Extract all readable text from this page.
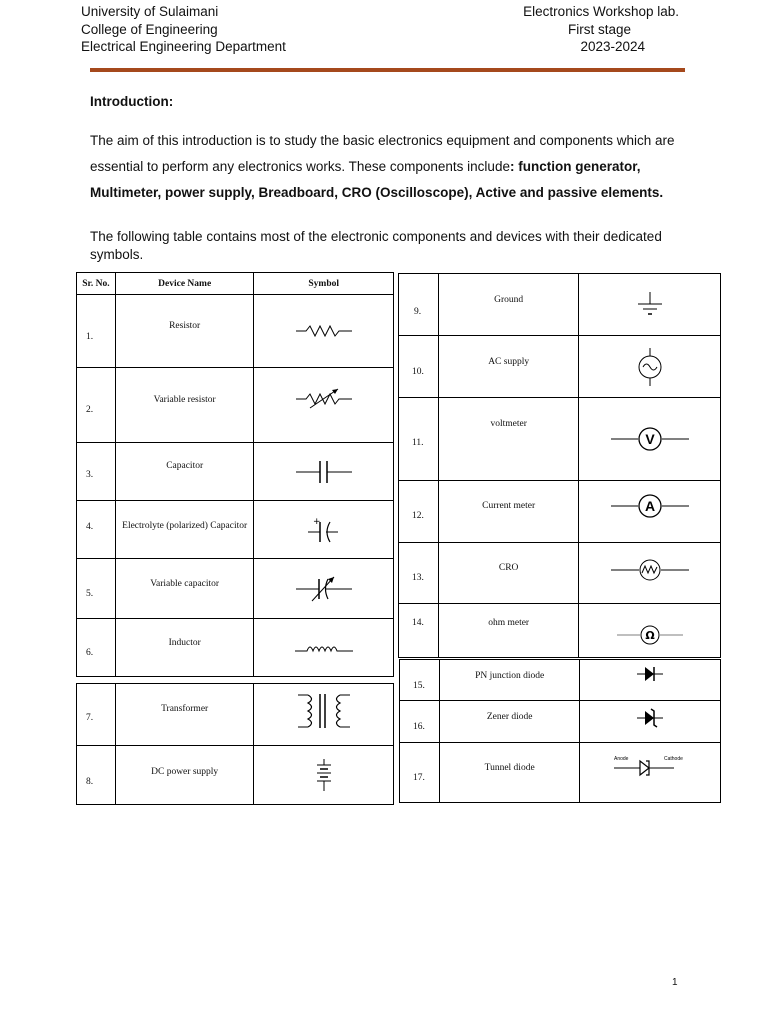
University of Sulaimani
College of Engineering
Electrical Engineering Department
Electronics Workshop lab.
First stage
2023-2024
Introduction:
The aim of this introduction is to study the basic electronics equipment and components which are essential to perform any electronics works. These components include: function generator, Multimeter, power supply, Breadboard, CRO (Oscilloscope), Active and passive elements.
The following table contains most of the electronic components and devices with their dedicated symbols.
Sr. No.	Device Name	Symbol

1.	Resistor

2.	Variable resistor

3.	Capacitor

4.	Electrolyte (polarized) Capacitor	+

5.	Variable capacitor

6.	Inductor

7.	Transformer

8.	DC power supply

9.	Ground

10.	AC supply

11.	voltmeter	V

12.	Current meter	A

13.	CRO

14.	ohm meter	Ω
15.	PN junction diode

16.	Zener diode

17.	Tunnel diode	Anode Cathode
1
